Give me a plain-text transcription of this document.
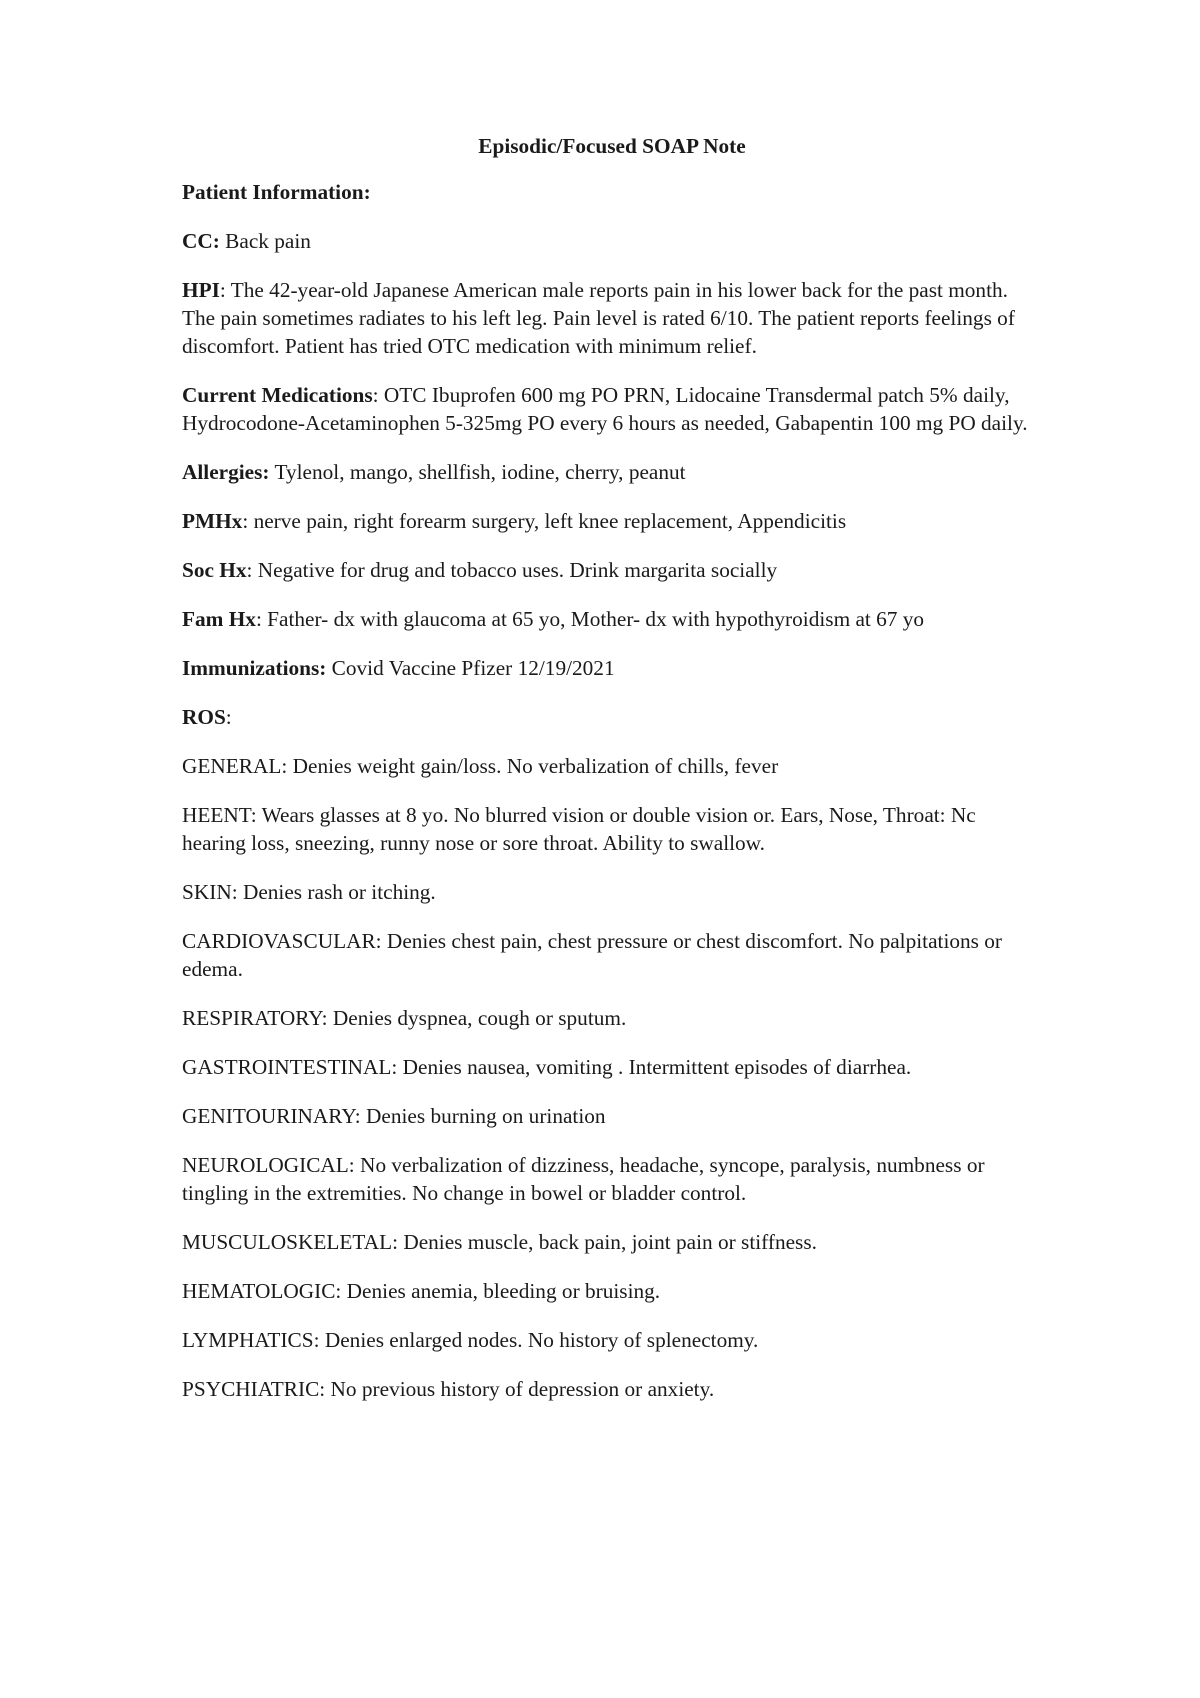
Episodic/Focused SOAP Note

Patient Information:

CC: Back pain

HPI: The 42-year-old Japanese American male reports pain in his lower back for the past month. The pain sometimes radiates to his left leg. Pain level is rated 6/10. The patient reports feelings of discomfort. Patient has tried OTC medication with minimum relief.

Current Medications: OTC Ibuprofen 600 mg PO PRN, Lidocaine Transdermal patch 5% daily, Hydrocodone-Acetaminophen 5-325mg PO every 6 hours as needed, Gabapentin 100 mg PO daily.

Allergies: Tylenol, mango, shellfish, iodine, cherry, peanut

PMHx: nerve pain, right forearm surgery, left knee replacement, Appendicitis

Soc Hx: Negative for drug and tobacco uses. Drink margarita socially

Fam Hx: Father- dx with glaucoma at 65 yo, Mother- dx with hypothyroidism at 67 yo

Immunizations: Covid Vaccine Pfizer 12/19/2021

ROS:

GENERAL: Denies weight gain/loss. No verbalization of chills, fever

HEENT: Wears glasses at 8 yo. No blurred vision or double vision or. Ears, Nose, Throat: Nc hearing loss, sneezing, runny nose or sore throat. Ability to swallow.

SKIN: Denies rash or itching.

CARDIOVASCULAR: Denies chest pain, chest pressure or chest discomfort. No palpitations or edema.

RESPIRATORY: Denies dyspnea, cough or sputum.

GASTROINTESTINAL: Denies nausea, vomiting . Intermittent episodes of diarrhea.

GENITOURINARY: Denies burning on urination

NEUROLOGICAL: No verbalization of dizziness, headache, syncope, paralysis, numbness or tingling in the extremities. No change in bowel or bladder control.

MUSCULOSKELETAL: Denies muscle, back pain, joint pain or stiffness.

HEMATOLOGIC: Denies anemia, bleeding or bruising.

LYMPHATICS: Denies enlarged nodes. No history of splenectomy.

PSYCHIATRIC: No previous history of depression or anxiety.
